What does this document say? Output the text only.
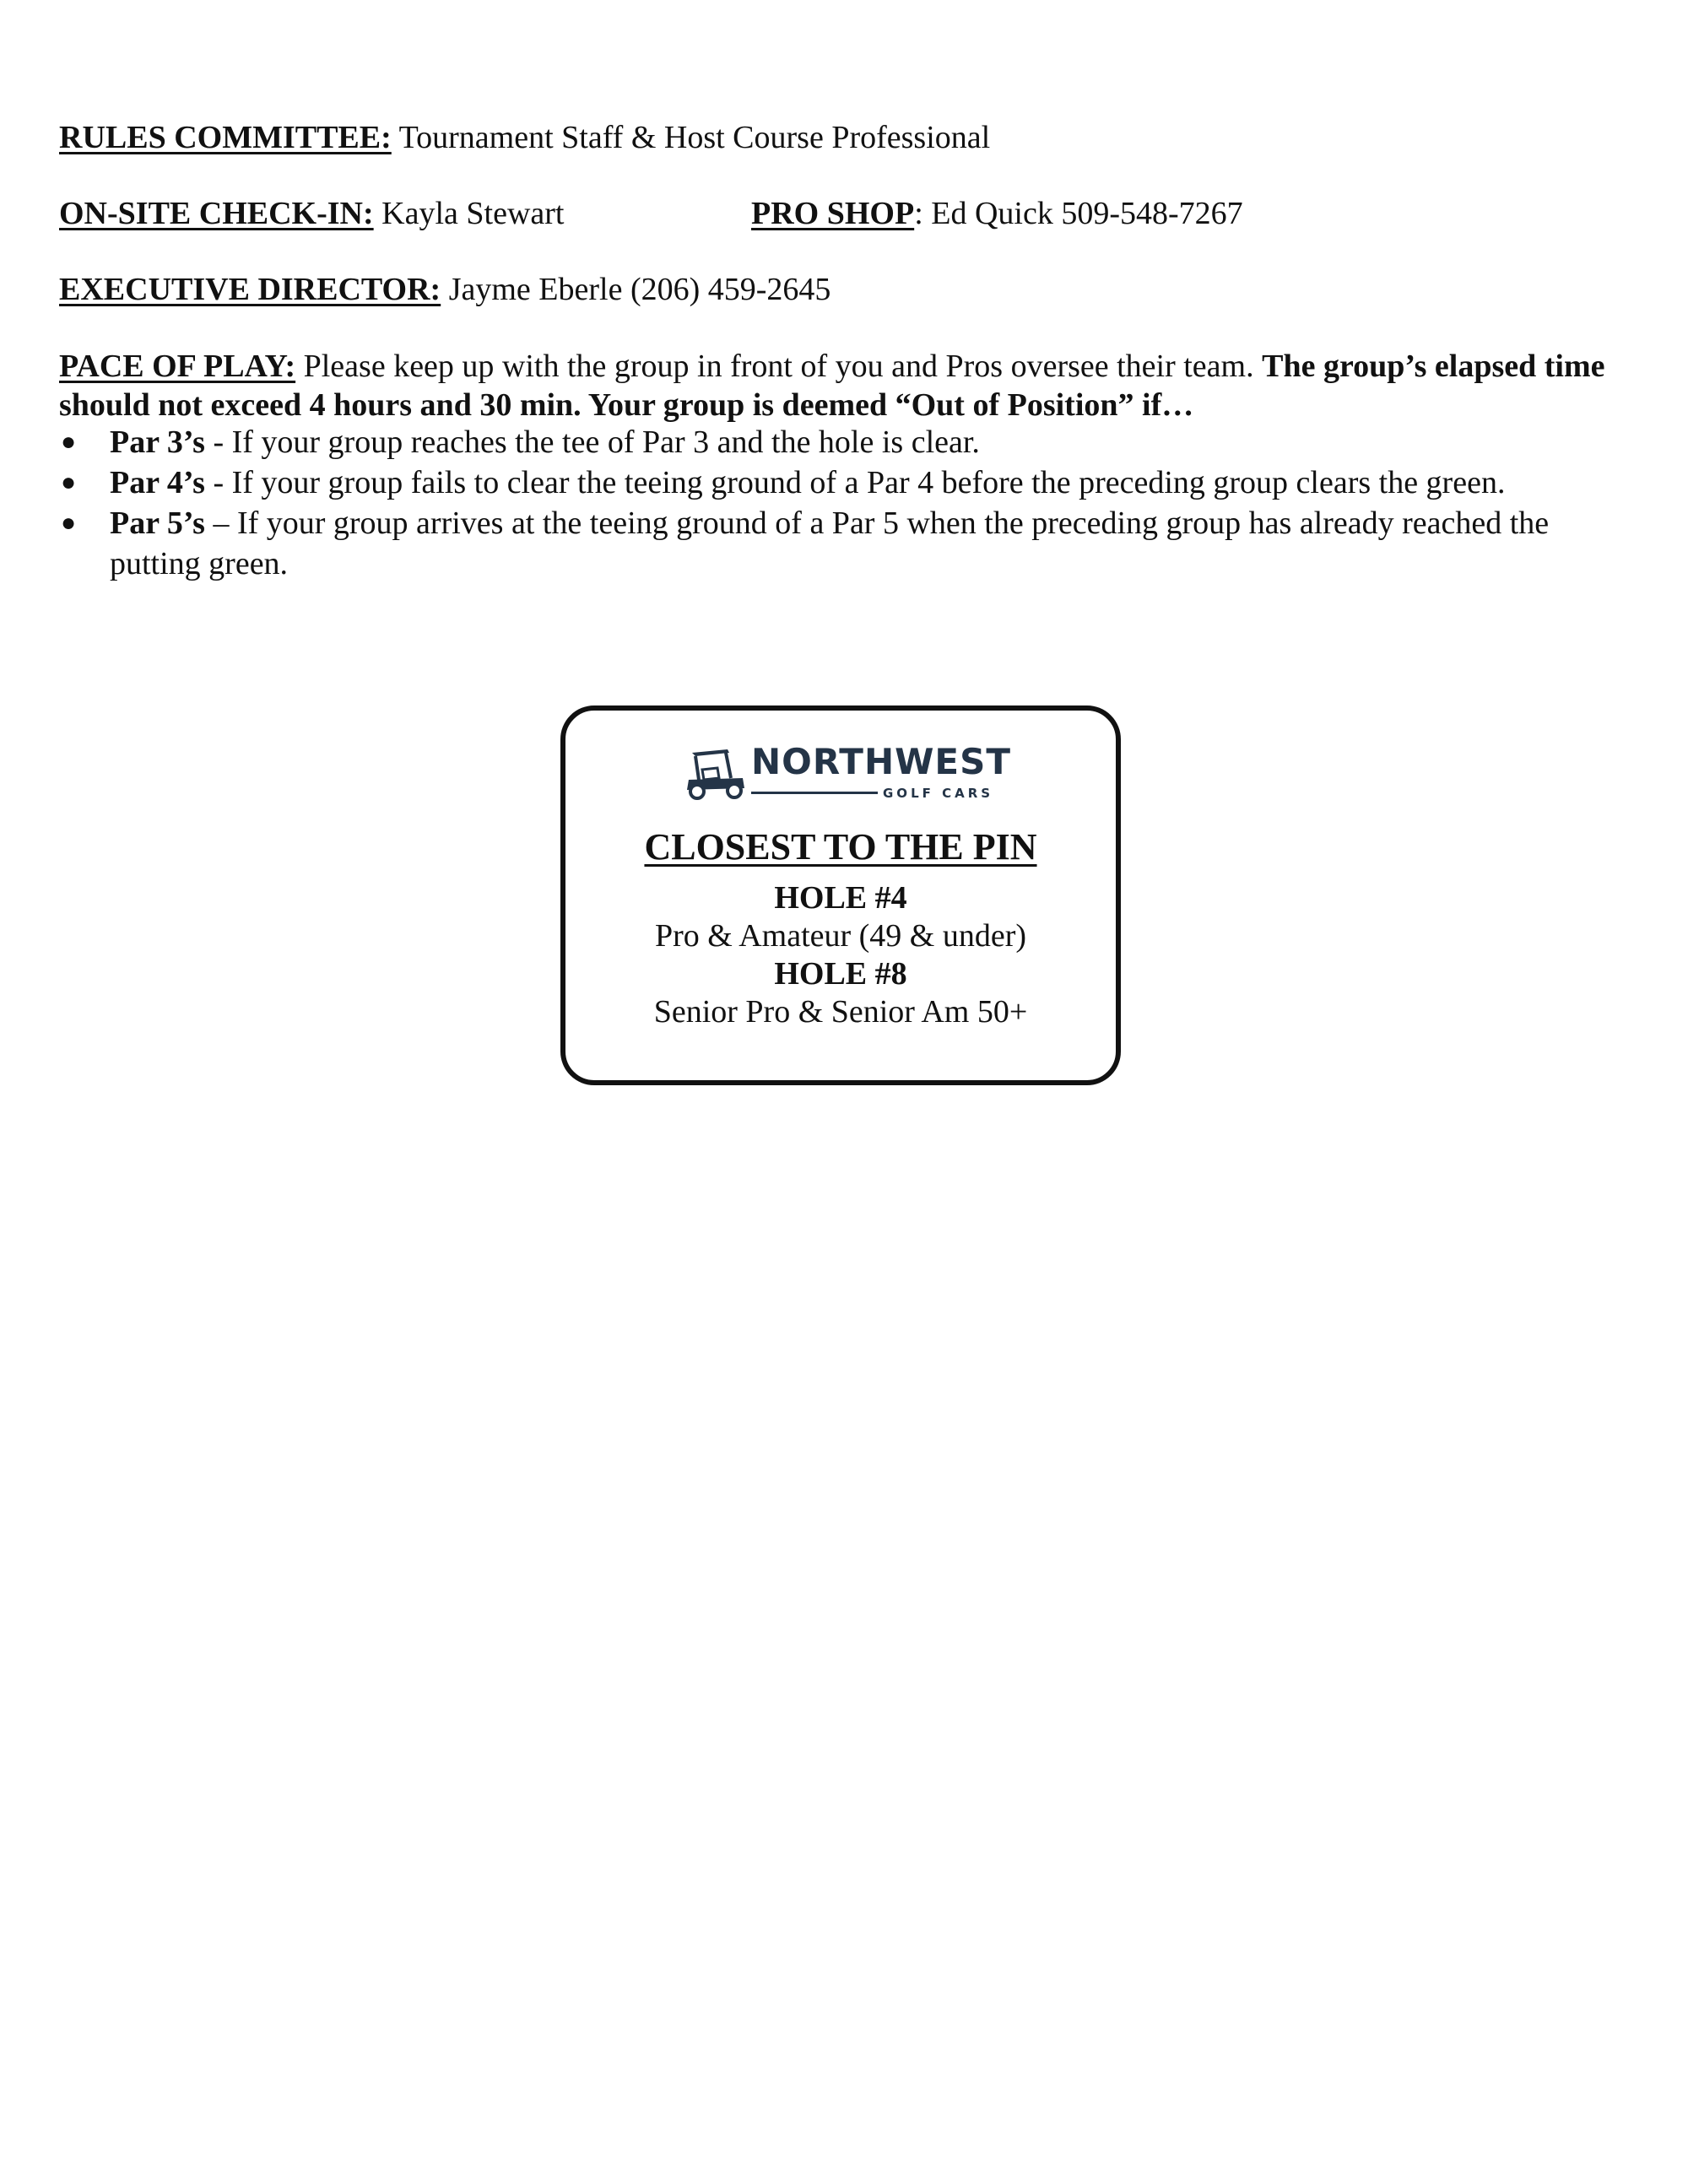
RULES COMMITTEE: Tournament Staff & Host Course Professional
ON-SITE CHECK-IN: Kayla Stewart	PRO SHOP: Ed Quick 509-548-7267
EXECUTIVE DIRECTOR: Jayme Eberle (206) 459-2645
PACE OF PLAY: Please keep up with the group in front of you and Pros oversee their team. The group’s elapsed time should not exceed 4 hours and 30 min. Your group is deemed “Out of Position” if…
● Par 3’s - If your group reaches the tee of Par 3 and the hole is clear.
● Par 4’s - If your group fails to clear the teeing ground of a Par 4 before the preceding group clears the green.
● Par 5’s – If your group arrives at the teeing ground of a Par 5 when the preceding group has already reached the putting green.
NORTHWEST
GOLF CARS
CLOSEST TO THE PIN
HOLE #4
Pro & Amateur (49 & under)
HOLE #8
Senior Pro & Senior Am 50+
